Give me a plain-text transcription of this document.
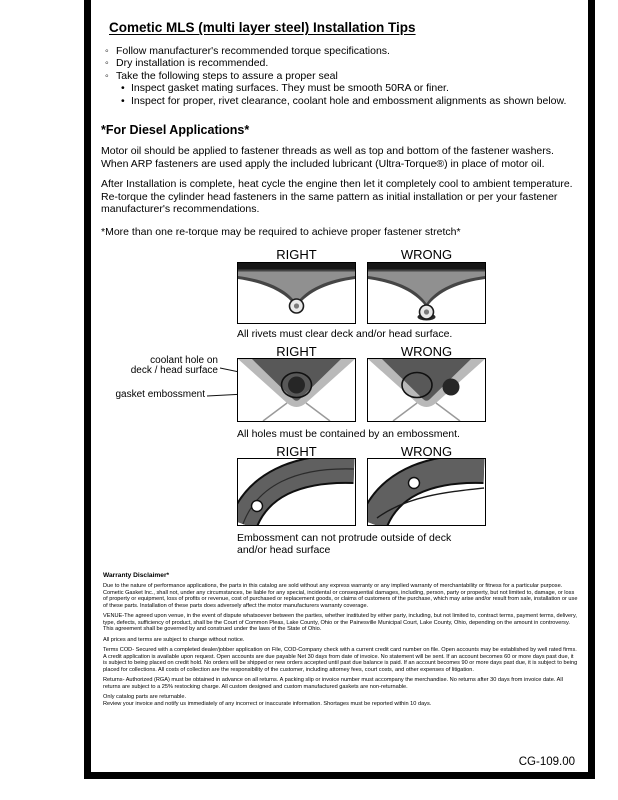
Cometic MLS (multi layer steel) Installation Tips
◦ Follow manufacturer's recommended torque specifications.
◦ Dry installation is recommended.
◦ Take the following steps to assure a proper seal
• Inspect gasket mating surfaces. They must be smooth 50RA or finer.
• Inspect for proper, rivet clearance, coolant hole and embossment alignments as shown below.
*For Diesel Applications*

Motor oil should be applied to fastener threads as well as top and bottom of the fastener washers. When ARP fasteners are used apply the included lubricant (Ultra-Torque®) in place of motor oil.

After Installation is complete, heat cycle the engine then let it completely cool to ambient temperature. Re-torque the cylinder head fasteners in the same pattern as initial installation or per your fastener manufacturer's recommendations.

*More than one re-torque may be required to achieve proper fastener stretch*

RIGHT	WRONG
All rivets must clear deck and/or head surface.
RIGHT	WRONG
coolant hole on
deck / head surface
gasket embossment
All holes must be contained by an embossment.
RIGHT	WRONG
Embossment can not protrude outside of deck and/or head surface
Warranty Disclaimer*

Due to the nature of performance applications, the parts in this catalog are sold without any express warranty or any implied warranty of merchantability or fitness for a particular purpose. Cometic Gasket Inc., shall not, under any circumstances, be liable for any special, incidental or consequential damages, including, person, party or property, but not limited to, damage, or loss of property or equipment, loss of profits or revenue, cost of purchased or replacement goods, or claims of customers of the purchase, which may arise and/or result from sale, installation or use of these parts. Installation of these parts does adversely affect the motor manufacturers warranty coverage.

VENUE-The agreed upon venue, in the event of dispute whatsoever between the parties, whether instituted by either party, including, but not limited to, contract terms, payment terms, delivery, type, defects, sufficiency of product, shall be the Court of Common Pleas, Lake County, Ohio or the Painesville Municipal Court, Lake County, Ohio, depending on the amount in controversy. This agreement shall be governed by and construed under the laws of the State of Ohio.

All prices and terms are subject to change without notice.

Terms COD- Secured with a completed dealer/jobber application on File, COD-Company check with a current credit card number on file. Open accounts may be established by well rated firms. A credit application is available upon request. Open accounts are due payable Net 30 days from date of invoice. No statement will be sent. If an account becomes 60 or more days past due, it is subject to being placed on credit hold. No orders will be shipped or new orders accepted until past due balance is paid. If an account becomes 90 or more days past due, it is subject to being placed for collections. All costs of collection are the responsibility of the customer, including attorney fees, court costs, and other expenses of litigation.

Returns- Authorized (RGA) must be obtained in advance on all returns. A packing slip or invoice number must accompany the merchandise. No returns after 30 days from invoice date. All returns are subject to a 25% restocking charge. All custom designed and custom manufactured gaskets are non-returnable.

Only catalog parts are returnable.

Review your invoice and notify us immediately of any incorrect or inaccurate information. Shortages must be reported within 10 days.

CG-109.00
